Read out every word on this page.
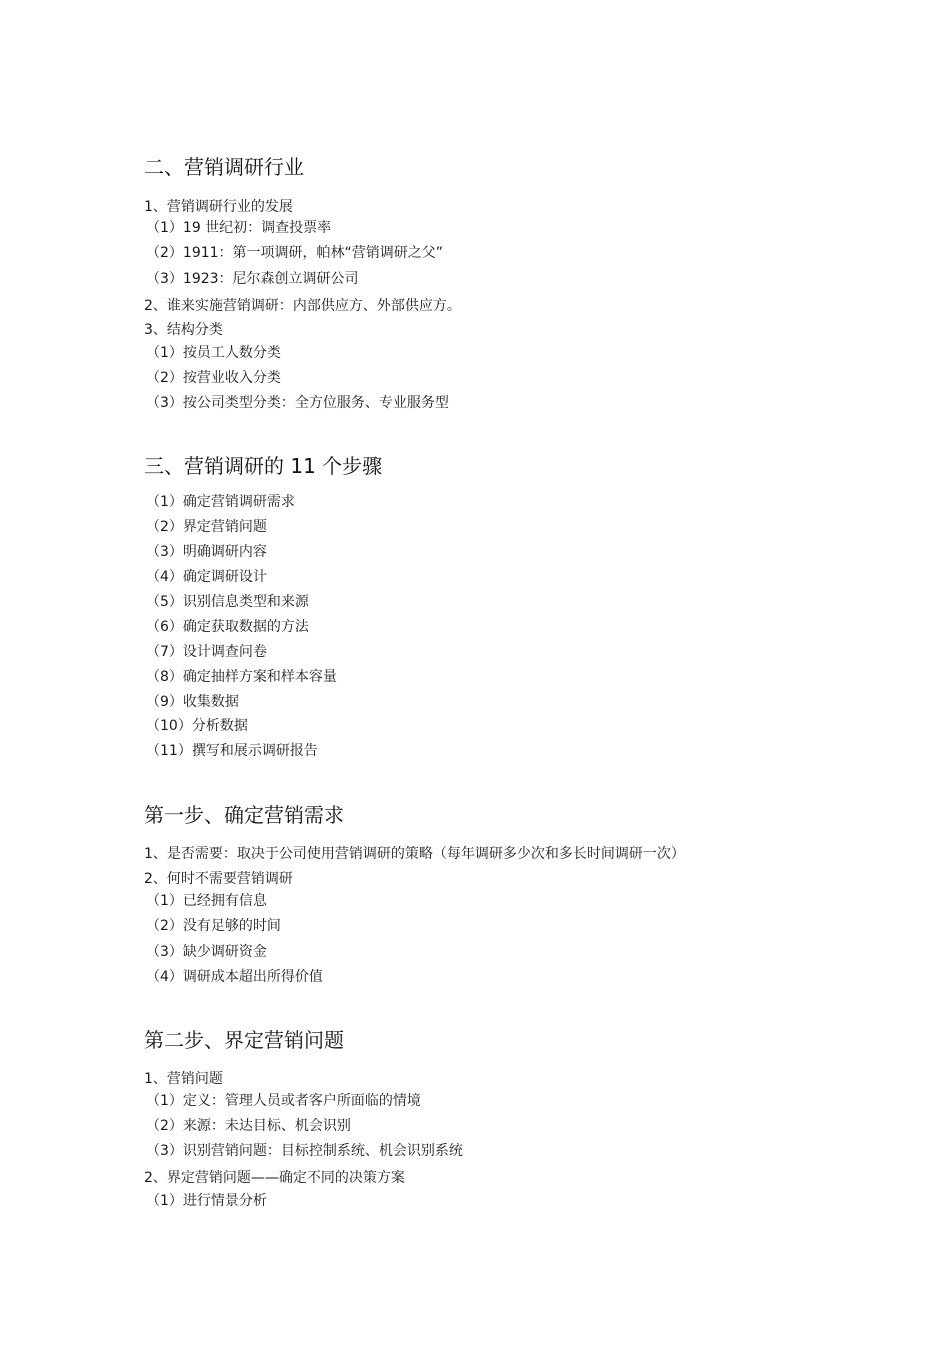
二、营销调研行业
1、营销调研行业的发展
（1）19 世纪初：调查投票率
（2）1911：第一项调研，帕林“营销调研之父”
（3）1923：尼尔森创立调研公司
2、谁来实施营销调研：内部供应方、外部供应方。
3、结构分类
（1）按员工人数分类
（2）按营业收入分类
（3）按公司类型分类：全方位服务、专业服务型
三、营销调研的 11 个步骤
（1）确定营销调研需求
（2）界定营销问题
（3）明确调研内容
（4）确定调研设计
（5）识别信息类型和来源
（6）确定获取数据的方法
（7）设计调查问卷
（8）确定抽样方案和样本容量
（9）收集数据
（10）分析数据
（11）撰写和展示调研报告
第一步、确定营销需求
1、是否需要：取决于公司使用营销调研的策略（每年调研多少次和多长时间调研一次）
2、何时不需要营销调研
（1）已经拥有信息
（2）没有足够的时间
（3）缺少调研资金
（4）调研成本超出所得价值
第二步、界定营销问题
1、营销问题
（1）定义：管理人员或者客户所面临的情境
（2）来源：未达目标、机会识别
（3）识别营销问题：目标控制系统、机会识别系统
2、界定营销问题——确定不同的决策方案
（1）进行情景分析
